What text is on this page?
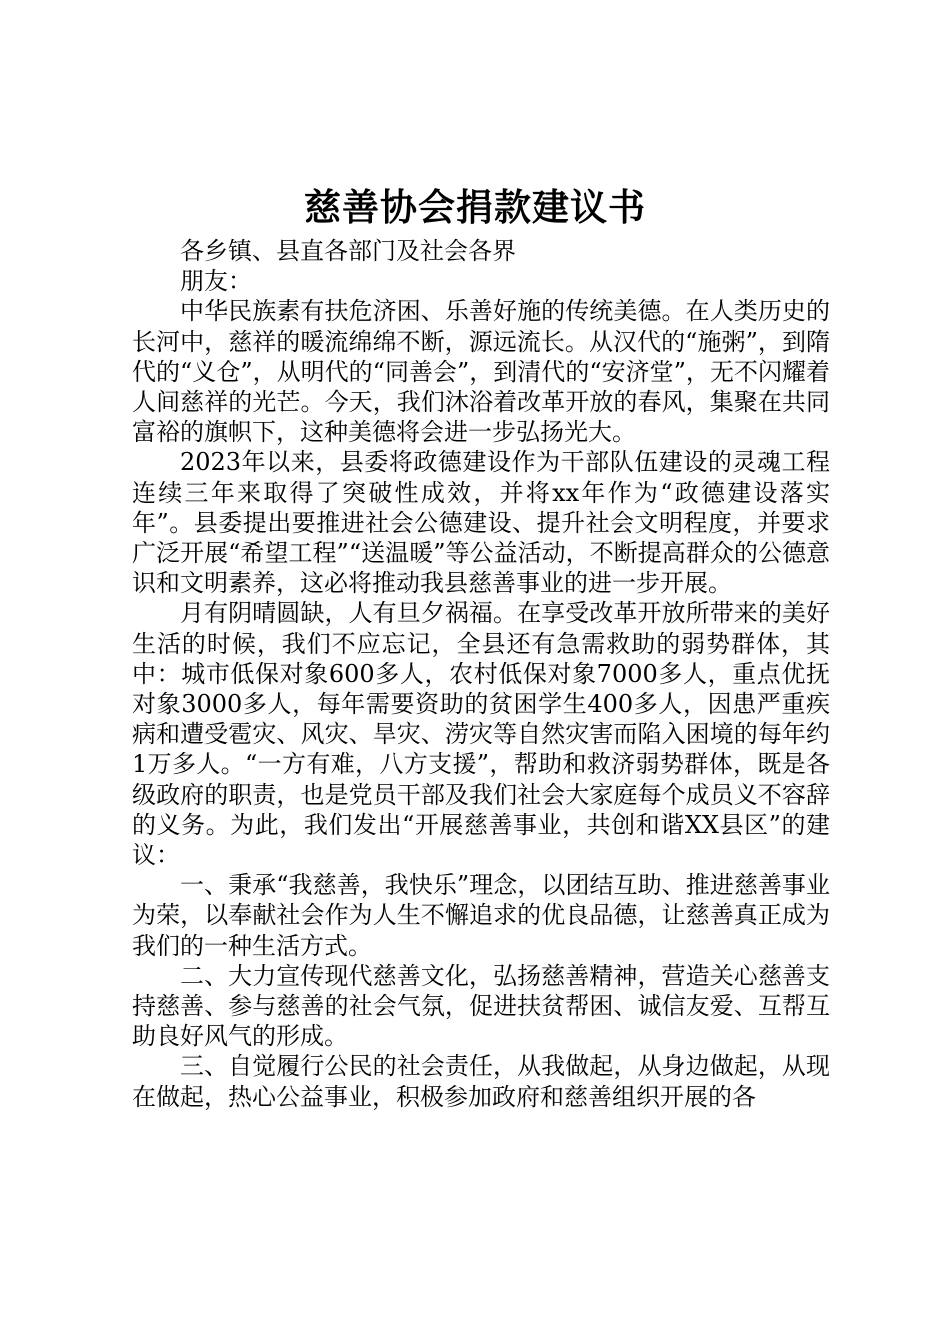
慈善协会捐款建议书

各乡镇、县直各部门及社会各界

朋友：

中华民族素有扶危济困、乐善好施的传统美德。在人类历史的长河中，慈祥的暖流绵绵不断，源远流长。从汉代的“施粥”，到隋代的“义仓”，从明代的“同善会”，到清代的“安济堂”，无不闪耀着人间慈祥的光芒。今天，我们沐浴着改革开放的春风，集聚在共同富裕的旗帜下，这种美德将会进一步弘扬光大。

2023年以来，县委将政德建设作为干部队伍建设的灵魂工程连续三年来取得了突破性成效，并将xx年作为“政德建设落实年”。县委提出要推进社会公德建设、提升社会文明程度，并要求广泛开展“希望工程”“送温暖”等公益活动，不断提高群众的公德意识和文明素养，这必将推动我县慈善事业的进一步开展。

月有阴晴圆缺，人有旦夕祸福。在享受改革开放所带来的美好生活的时候，我们不应忘记，全县还有急需救助的弱势群体，其中：城市低保对象600多人，农村低保对象7000多人，重点优抚对象3000多人，每年需要资助的贫困学生400多人，因患严重疾病和遭受雹灾、风灾、旱灾、涝灾等自然灾害而陷入困境的每年约1万多人。“一方有难，八方支援”，帮助和救济弱势群体，既是各级政府的职责，也是党员干部及我们社会大家庭每个成员义不容辞的义务。为此，我们发出“开展慈善事业，共创和谐XX县区”的建议：

一、秉承“我慈善，我快乐”理念，以团结互助、推进慈善事业为荣，以奉献社会作为人生不懈追求的优良品德，让慈善真正成为我们的一种生活方式。

二、大力宣传现代慈善文化，弘扬慈善精神，营造关心慈善支持慈善、参与慈善的社会气氛，促进扶贫帮困、诚信友爱、互帮互助良好风气的形成。

三、自觉履行公民的社会责任，从我做起，从身边做起，从现在做起，热心公益事业，积极参加政府和慈善组织开展的各
